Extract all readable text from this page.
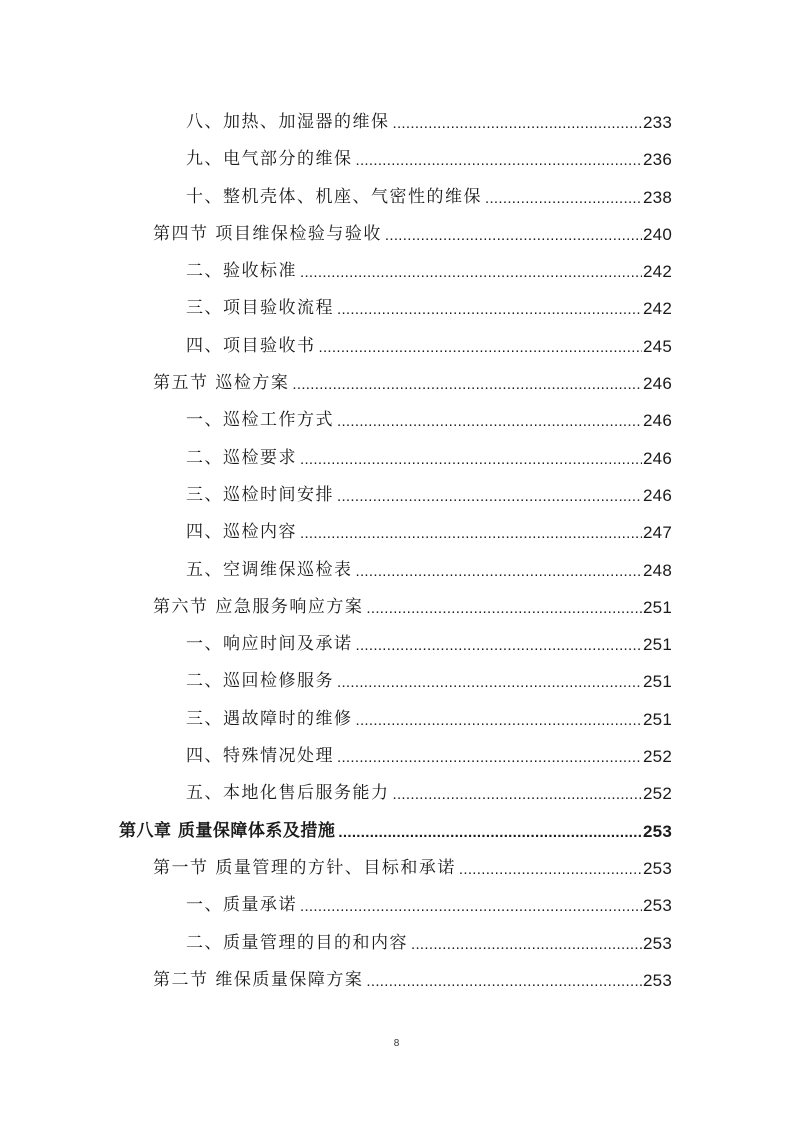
八、加热、加湿器的维保 .....	233
九、电气部分的维保 .....	236
十、整机壳体、机座、气密性的维保 .....	238
第四节 项目维保检验与验收 .....	240
二、验收标准 .....	242
三、项目验收流程 .....	242
四、项目验收书 .....	245
第五节 巡检方案 .....	246
一、巡检工作方式 .....	246
二、巡检要求 .....	246
三、巡检时间安排 .....	246
四、巡检内容 .....	247
五、空调维保巡检表 .....	248
第六节 应急服务响应方案 .....	251
一、响应时间及承诺 .....	251
二、巡回检修服务 .....	251
三、遇故障时的维修 .....	251
四、特殊情况处理 .....	252
五、本地化售后服务能力 .....	252
第八章 质量保障体系及措施 .....	253
第一节 质量管理的方针、目标和承诺 .....	253
一、质量承诺 .....	253
二、质量管理的目的和内容 .....	253
第二节 维保质量保障方案 .....	253
8
